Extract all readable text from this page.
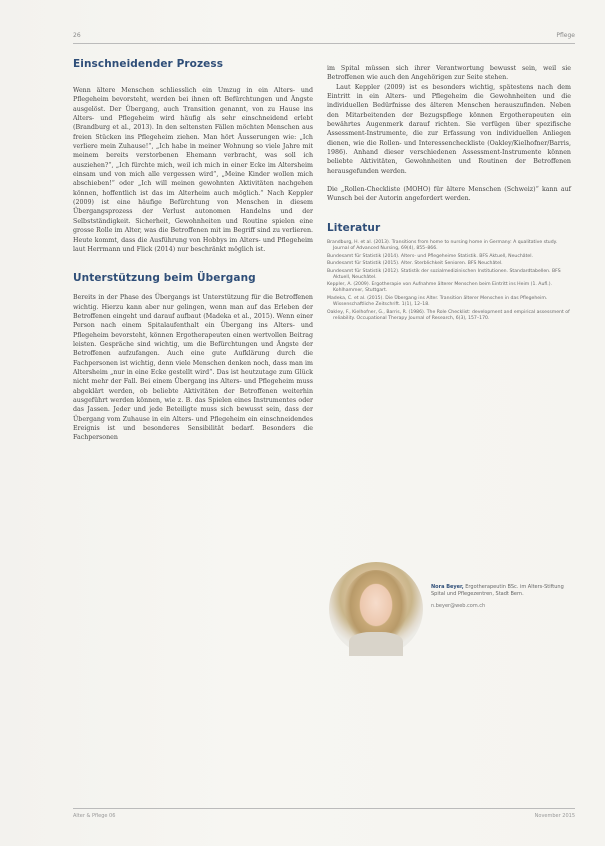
26	Pflege
Einschneidender Prozess

Wenn ältere Menschen schliesslich ein Umzug in ein Alters- und Pflegeheim bevorsteht, werden bei ihnen oft Befürchtungen und Ängste ausgelöst. Der Übergang, auch Transition genannt, von zu Hause ins Alters- und Pflegeheim wird häufig als sehr einschneidend erlebt (Brandburg et al., 2013). In den seltensten Fällen möchten Menschen aus freien Stücken ins Pflegeheim ziehen. Man hört Äusserungen wie: „Ich verliere mein Zuhause!“, „Ich habe in meiner Wohnung so viele Jahre mit meinem bereits verstorbenen Ehemann verbracht, was soll ich ausziehen?“, „Ich fürchte mich, weil ich mich in einer Ecke im Altersheim einsam und von mich alle vergessen wird“, „Meine Kinder wollen mich abschieben!“ oder „Ich will meinen gewohnten Aktivitäten nachgehen können, hoffentlich ist das im Alterheim auch möglich.“ Nach Keppler (2009) ist eine häufige Befürchtung von Menschen in diesem Übergangsprozess der Verlust autonomen Handelns und der Selbstständigkeit. Sicherheit, Gewohnheiten und Routine spielen eine grosse Rolle im Alter, was die Betroffenen mit im Begriff sind zu verlieren. Heute kommt, dass die Ausführung von Hobbys im Alters- und Pflegeheim laut Herrmann und Flick (2014) nur beschränkt möglich ist.

Unterstützung beim Übergang

Bereits in der Phase des Übergangs ist Unterstützung für die Betroffenen wichtig. Hierzu kann aber nur gelingen, wenn man auf das Erleben der Betroffenen eingeht und darauf aufbaut (Madeka et al., 2015). Wenn einer Person nach einem Spitalaufenthalt ein Übergang ins Alters- und Pflegeheim bevorsteht, können Ergotherapeuten einen wertvollen Beitrag leisten. Gespräche sind wichtig, um die Befürchtungen und Ängste der Betroffenen aufzufangen. Auch eine gute Aufklärung durch die Fachpersonen ist wichtig, denn viele Menschen denken noch, dass man im Altersheim „nur in eine Ecke gestellt wird“. Das ist heutzutage zum Glück nicht mehr der Fall. Bei einem Übergang ins Alters- und Pflegeheim muss abgeklärt werden, ob beliebte Aktivitäten der Betroffenen weiterhin ausgeführt werden können, wie z. B. das Spielen eines Instrumentes oder das Jassen. Jeder und jede Beteiligte muss sich bewusst sein, dass der Übergang vom Zuhause in ein Alters- und Pflegeheim ein einschneidendes Ereignis ist und besonderes Sensibilität bedarf. Besonders die Fachpersonen

im Spital müssen sich ihrer Verantwortung bewusst sein, weil sie Betroffenen wie auch den Angehörigen zur Seite stehen.

Laut Keppler (2009) ist es besonders wichtig, spätestens nach dem Eintritt in ein Alters- und Pflegeheim die Gewohnheiten und die individuellen Bedürfnisse des älteren Menschen herauszufinden. Neben den Mitarbeitenden der Bezugspflege können Ergotherapeuten ein bewährtes Augenmerk darauf richten. Sie verfügen über spezifische Assessment-Instrumente, die zur Erfassung von individuellen Anliegen dienen, wie die Rollen- und Interessencheckliste (Oakley/Kielhofner/Barris, 1986). Anhand dieser verschiedenen Assessment-Instrumente können beliebte Aktivitäten, Gewohnheiten und Routinen der Betroffenen herausgefunden werden.

Die „Rollen-Checkliste (MOHO) für ältere Menschen (Schweiz)“ kann auf Wunsch bei der Autorin angefordert werden.

Literatur

Brandburg, H. et al. (2013). Transitions from home to nursing home in Germany: A qualitative study. Journal of Advanced Nursing, 69(4), 855–866.

Bundesamt für Statistik (2014). Alters- und Pflegeheime Statistik. BFS Aktuell, Neuchâtel.

Bundesamt für Statistik (2015). Alter. Sterblichkeit Senioren. BFS Neuchâtel.

Bundesamt für Statistik (2012). Statistik der sozialmedizinischen Institutionen. Standardtabellen. BFS Aktuell, Neuchâtel.

Keppler, A. (2009). Ergotherapie von Aufnahme älterer Menschen beim Eintritt ins Heim (1. Aufl.). Kohlhammer, Stuttgart.

Madeka, C. et al. (2015). Die Übergang ins Alter. Transition älterer Menschen in das Pflegeheim. Wissenschaftliche Zeitschrift. 1(1), 12–18.

Oakley, F., Kielhofner, G., Barris, R. (1986). The Role Checklist: development and empirical assessment of reliability. Occupational Therapy Journal of Research, 6(3), 157–170.

Nora Beyer, Ergotherapeutin BSc. im Alters-Stiftung Spital und Pflegezentren, Stadt Bern.
n.beyer@web.com.ch
Alter & Pflege 06	November 2015
